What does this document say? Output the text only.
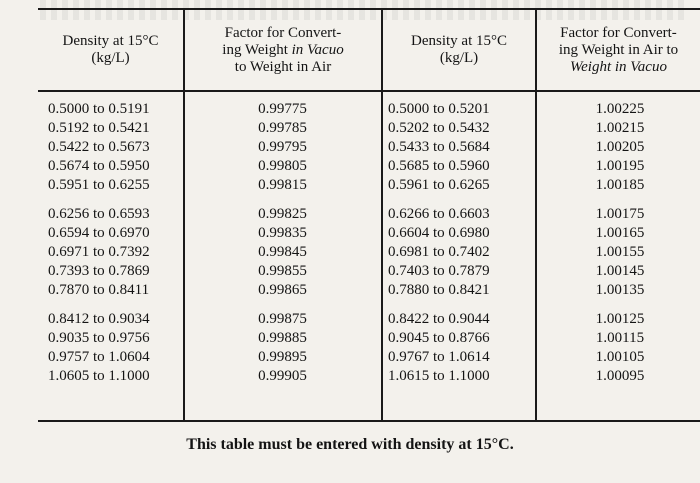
Density at 15°C
(kg/L)
Factor for Convert-
ing Weight in Vacuo
to Weight in Air
Density at 15°C
(kg/L)
Factor for Convert-
ing Weight in Air to
Weight in Vacuo
0.5000 to 0.5191
0.5192 to 0.5421
0.5422 to 0.5673
0.5674 to 0.5950
0.5951 to 0.6255
0.6256 to 0.6593
0.6594 to 0.6970
0.6971 to 0.7392
0.7393 to 0.7869
0.7870 to 0.8411
0.8412 to 0.9034
0.9035 to 0.9756
0.9757 to 1.0604
1.0605 to 1.1000
0.99775
0.99785
0.99795
0.99805
0.99815
0.99825
0.99835
0.99845
0.99855
0.99865
0.99875
0.99885
0.99895
0.99905
0.5000 to 0.5201
0.5202 to 0.5432
0.5433 to 0.5684
0.5685 to 0.5960
0.5961 to 0.6265
0.6266 to 0.6603
0.6604 to 0.6980
0.6981 to 0.7402
0.7403 to 0.7879
0.7880 to 0.8421
0.8422 to 0.9044
0.9045 to 0.8766
0.9767 to 1.0614
1.0615 to 1.1000
1.00225
1.00215
1.00205
1.00195
1.00185
1.00175
1.00165
1.00155
1.00145
1.00135
1.00125
1.00115
1.00105
1.00095
This table must be entered with density at 15°C.
